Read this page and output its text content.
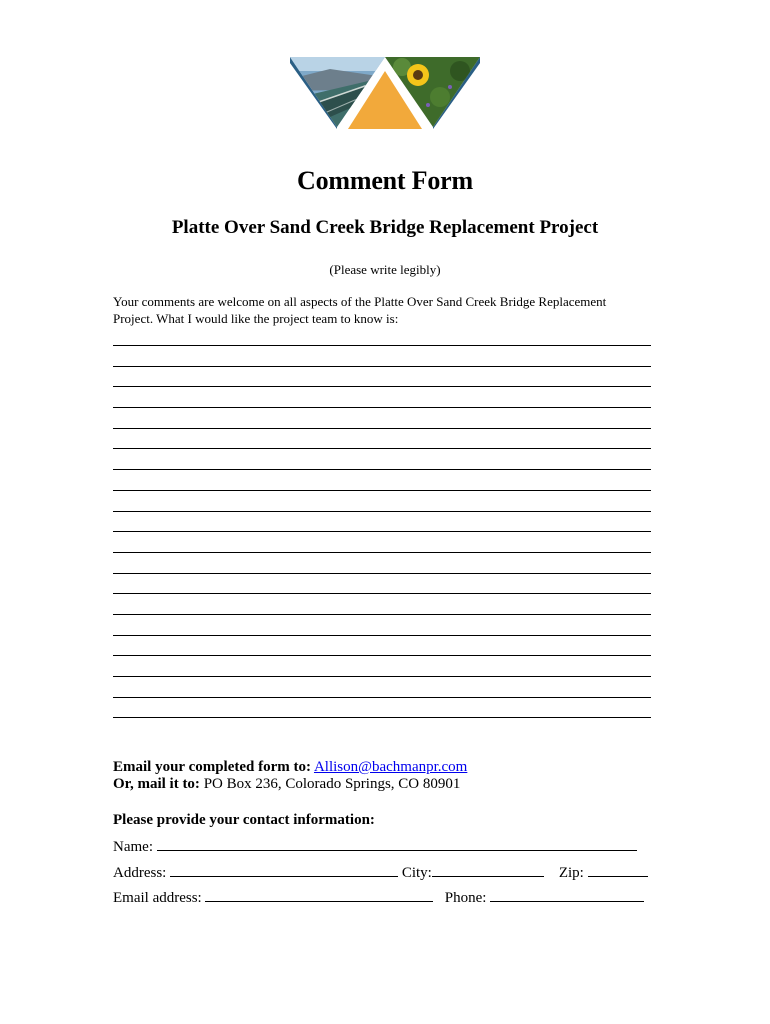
Comment Form
Platte Over Sand Creek Bridge Replacement Project
(Please write legibly)
Your comments are welcome on all aspects of the Platte Over Sand Creek Bridge Replacement
Project. What I would like the project team to know is:
Email your completed form to: Allison@bachmanpr.com
Or, mail it to: PO Box 236, Colorado Springs, CO 80901
Please provide your contact information:
Name:
Address:	City:	Zip:
Email address:	Phone:
